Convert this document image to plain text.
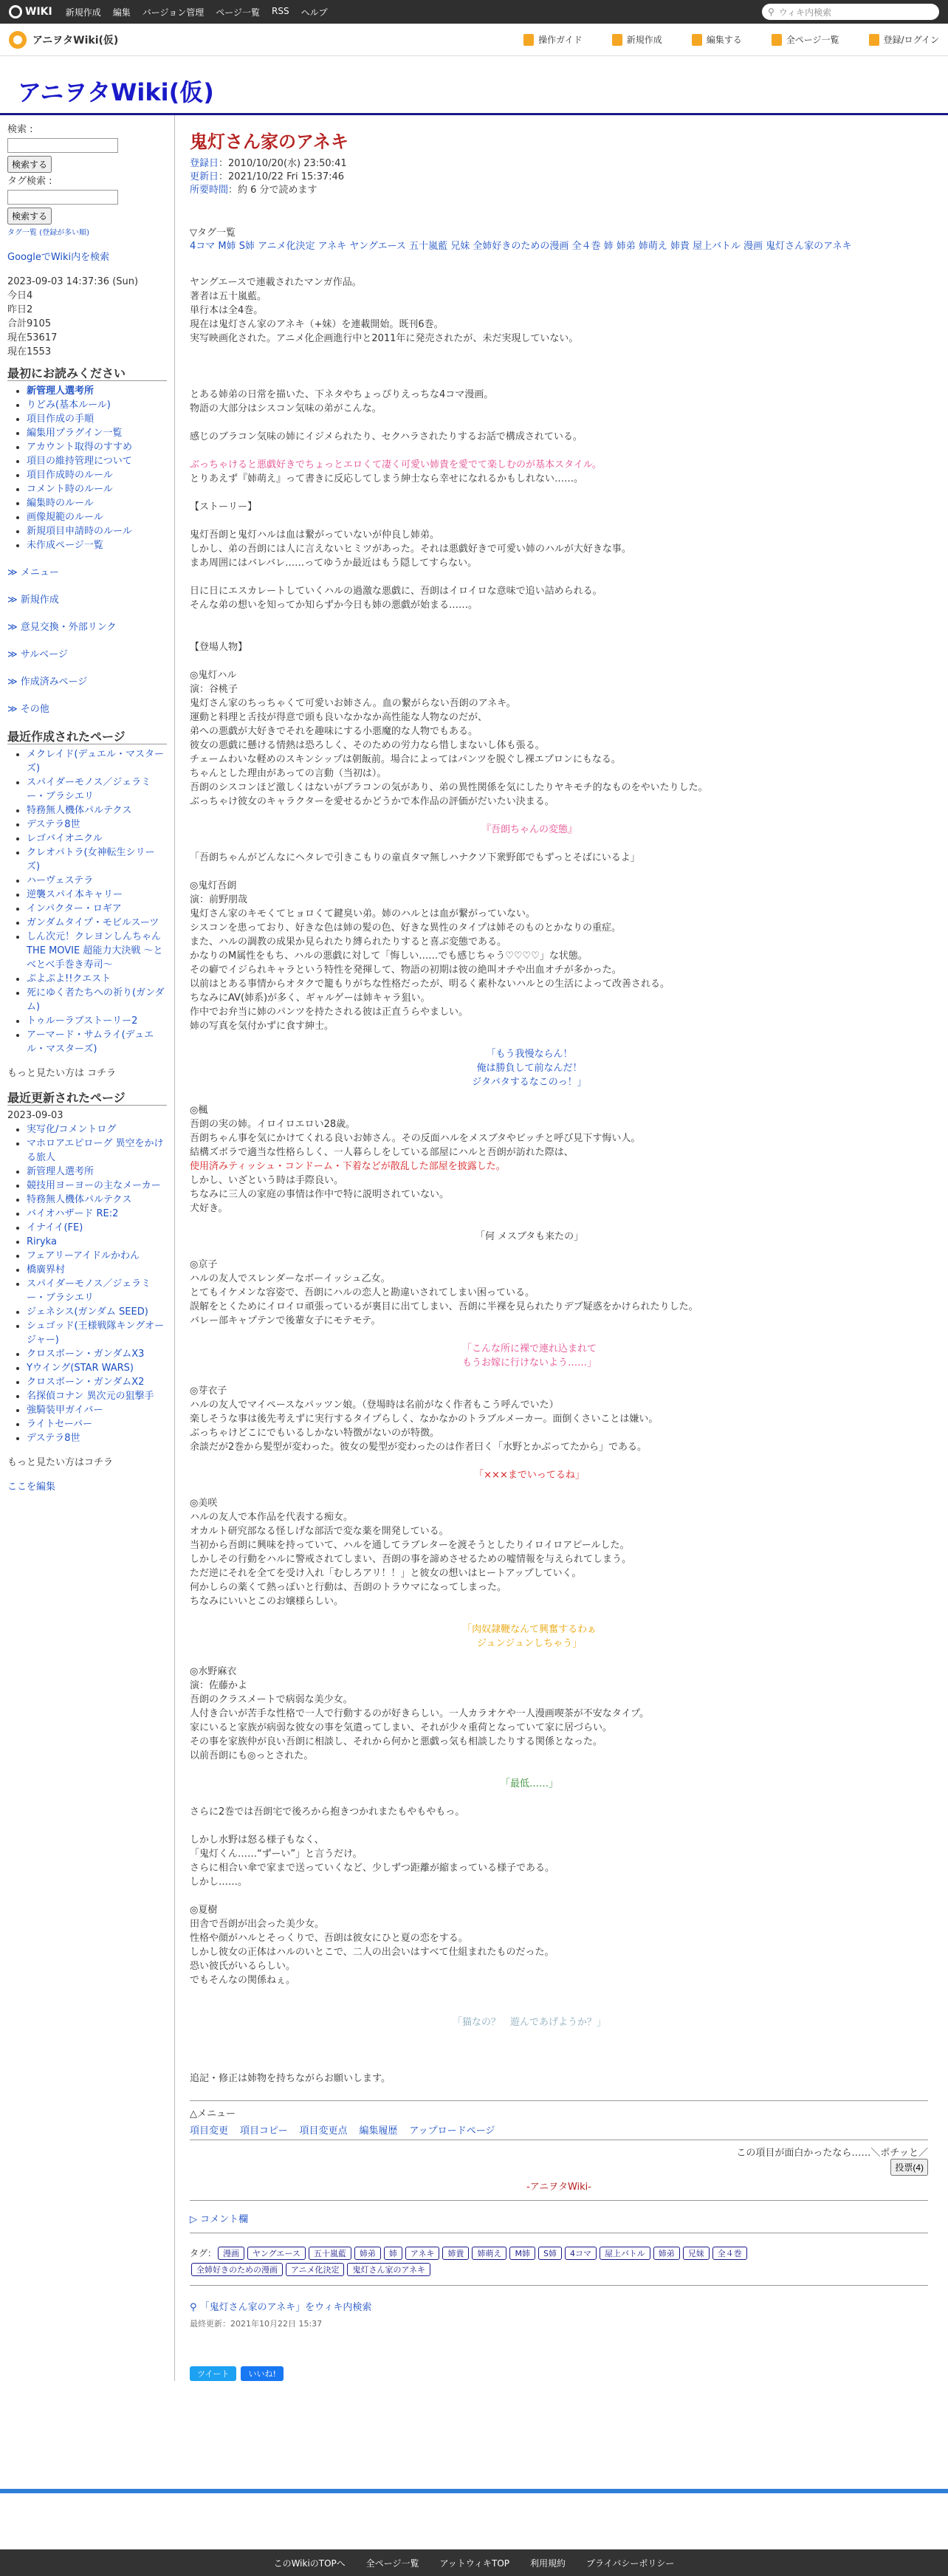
WIKI 新規作成 編集 バージョン管理 ページ一覧 RSS ヘルプ	⚲ ウィキ内検索
アニヲタWiki(仮)	操作ガイド	新規作成	編集する	全ページ一覧	登録/ログイン
アニヲタWiki(仮)
検索 :
検索する
タグ検索 :
検索する
タグ一覧 (登録が多い順)
GoogleでWiki内を検索
2023-09-03 14:37:36 (Sun)
今日4
昨日2
合計9105
現在53617
現在1553
最初にお読みください
• 新管理人選考所
• りどみ(基本ルール)
• 項目作成の手順
• 編集用プラグイン一覧
• アカウント取得のすすめ
• 項目の維持管理について
• 項目作成時のルール
• コメント時のルール
• 編集時のルール
• 画像規範のルール
• 新規項目申請時のルール
• 未作成ページ一覧
≫ メニュー
≫ 新規作成
≫ 意見交換・外部リンク
≫ サルベージ
≫ 作成済みページ
≫ その他
最近作成されたページ
• メクレイド(デュエル・マスターズ)
• スパイダーモノス／ジェラミー・ブラシエリ
• 特務無人機体パルテクス
• デステラ8世
• レゴバイオニクル
• クレオパトラ(女神転生シリーズ)
• ハーヴェステラ
• 逆襲スパイ本キャリー
• インパクター・ロギア
• ガンダムタイプ・モビルスーツ
• しん次元！クレヨンしんちゃん THE MOVIE 超能力大決戦 〜とべとべ手巻き寿司〜
• ぷよぷよ!!クエスト
• 死にゆく者たちへの祈り(ガンダム)
• トゥルーラブストーリー2
• アーマード・サムライ(デュエル・マスターズ)
もっと見たい方は コチラ
最近更新されたページ
2023-09-03
• 実写化/コメントログ
• マホロアエピローグ 異空をかける旅人
• 新管理人選考所
• 競技用ヨーヨーの主なメーカー
• 特務無人機体パルテクス
• バイオハザード RE:2
• イナイイ(FE)
• Riryka
• フェアリーアイドルかわん
• 橋廣界村
• スパイダーモノス／ジェラミー・ブラシエリ
• ジェネシス(ガンダム SEED)
• シュゴッド(王様戦隊キングオージャー)
• クロスボーン・ガンダムX3
• Yウイング(STAR WARS)
• クロスボーン・ガンダムX2
• 名探偵コナン 異次元の狙撃手
• 強騎装甲ガイバー
• ライトセーバー
• デステラ8世
もっと見たい方はコチラ
ここを編集
鬼灯さん家のアネキ
登録日：2010/10/20(水) 23:50:41
更新日：2021/10/22 Fri 15:37:46
所要時間：約 6 分で読めます
▽タグ一覧
4コマ M姉 S姉 アニメ化決定 アネキ ヤングエース 五十嵐藍 兄妹 全姉好きのための漫画 全４巻 姉 姉弟 姉萌え 姉貴 屋上バトル 漫画 鬼灯さん家のアネキ

ヤングエースで連載されたマンガ作品。

著者は五十嵐藍。

単行本は全4巻。

現在は鬼灯さん家のアネキ（+妹）を連載開始。既刊6巻。

実写映画化された。アニメ化企画進行中と2011年に発売されたが、未だ実現していない。

とある姉弟の日常を描いた、下ネタやちょっぴりえっちな4コマ漫画。

物語の大部分はシスコン気味の弟がこんな。

感じのブラコン気味の姉にイジメられたり、セクハラされたりするお話で構成されている。

ぶっちゃけると悪戯好きでちょっとエロくて凄く可愛い姉貴を愛でて楽しむのが基本スタイル。

とりあえず『姉萌え』って書きに反応してしまう紳士なら幸せになれるかもしれない……。

【ストーリー】

鬼灯吾朗と鬼灯ハルは血は繋がっていないが仲良し姉弟。

しかし、弟の吾朗には人に言えないヒミツがあった。それは悪戯好きで可愛い姉のハルが大好きな事。

まあ周囲にはバレバレ……ってゆうか最近はもう隠してすらない。

日に日にエスカレートしていくハルの過激な悪戯に、吾朗はイロイロな意味で追い詰められる。

そんな弟の想いを知ってか知らずか今日も姉の悪戯が始まる……。

【登場人物】

◎鬼灯ハル

演：谷桃子

鬼灯さん家のちっちゃくて可愛いお姉さん。血の繋がらない吾朗のアネキ。

運動と料理と舌技が得意で頭も良いなかなか高性能な人物なのだが、

弟への悪戯が大好きでそれを趣味にする小悪魔的な人物でもある。

彼女の悪戯に懸ける情熱は恐ろしく、そのための労力なら惜しまないし体も張る。

チェームわいな軽めのスキンシップは朝飯前。場合によってはパンツを脱ぐし裸エプロンにもなる。

ちゃんとした理由があっての言動（当初は）。

吾朗のシスコンほど激しくはないがブラコンの気があり、弟の異性関係を気にしたりヤキモチ的なものをやいたりした。

ぶっちゃけ彼女のキャラクターを愛せるかどうかで本作品の評価がだいたい決まる。

『吾朗ちゃんの変態』

「吾朗ちゃんがどんなにヘタレで引きこもりの童貞タマ無しハナクソ下衆野郎でもずっとそばにいるよ」

◎鬼灯吾朗

演：前野朋哉

鬼灯さん家のキモくてヒョロくて鍵臭い弟。姉のハルとは血が繋がっていない。

シスコンを患っており、好きな色は姉の髪の色、好きな異性のタイプは姉そのものとかなりの重症。

また、ハルの調教の成果か見られたり縛られたりすると喜ぶ変態である。

かなりのM属性をもち、ハルの悪戯に対して「悔しい……でも感じちゃう♡♡♡♡」な状態。

その癖でイジられキャラという特性を発揮して、物語の初期は彼の絶叫オチや出血オチが多かった。

以前はとある事情からオタクで籠もりがちな性格だったが、明るく素朴ないハルとの生活によって改善される。

ちなみにAV(姉系)が多く、ギャルゲーは姉キャラ狙い。

作中でお弁当に姉のパンツを持たされる彼は正直うらやましい。

姉の写真を気付かずに食す紳士。

「もう我慢ならん！

俺は勝負して前なんだ！

ジタバタするなこのっ！」

◎楓

吾朗の実の姉。イロイロエロい28歳。

吾朗ちゃん事を気にかけてくれる良いお姉さん。その反面ハルをメスブタやビッチと呼び見下す悔い人。

結構ズボラで適当な性格らしく、一人暮らしをしている部屋にハルと吾朗が訪れた際は、

使用済みティッシュ・コンドーム・下着などが散乱した部屋を披露した。

しかし、いざという時は手際良い。

ちなみに三人の家庭の事情は作中で特に説明されていない。

犬好き。

「何 メスブタも来たの」

◎京子

ハルの友人でスレンダーなボーイッシュ乙女。

とてもイケメンな容姿で、吾朗にハルの恋人と勘違いされてしまい困っている。

誤解をとくためにイロイロ頑張っているが裏目に出てしまい、吾朗に半裸を見られたりデブ疑惑をかけられたりした。

バレー部キャプテンで後輩女子にモテモテ。

「こんな所に裸で連れ込まれて

もうお嫁に行けないよう……」

◎芽衣子

ハルの友人でマイペースなパッツン娘。（登場時は名前がなく作者もこう呼んでいた）

楽しそうな事は後先考えずに実行するタイプらしく、なかなかのトラブルメーカー。面倒くさいことは嫌い。

ぶっちゃけどこにでもいるしかない特徴がないのが特徴。

余談だが2巻から髪型が変わった。彼女の髪型が変わったのは作者曰く「水野とかぶってたから」である。

「×××までいってるね」

◎美咲

ハルの友人で本作品を代表する痴女。

オカルト研究部なる怪しげな部活で変な薬を開発している。

当初から吾朗に興味を持っていて、ハルを通してラブレターを渡そうとしたりイロイロアピールした。

しかしその行動をハルに警戒されてしまい、吾朗の事を諦めさせるための嘘情報を与えられてしまう。

ただ逆にそれを全てを受け入れ「むしろアリ！！」と彼女の想いはヒートアップしていく。

何かしらの薬くて熱っぽいと行動は、吾朗のトラウマになってしまった。

ちなみにいいとこのお嬢様らしい。

「肉奴隷鞭なんて興奮するわぁ

ジュンジュンしちゃう」

◎水野麻衣

演：佐藤かよ

吾朗のクラスメートで病弱な美少女。

人付き合いが苦手な性格で一人で行動するのが好きらしい。一人カラオケや一人漫画喫茶が不安なタイプ。

家にいると家族が病弱な彼女の事を気遣ってしまい、それが少々重荷となっていて家に居づらい。

その事を家族仲が良い吾朗に相談し、それから何かと悪戯っ気も相談したりする関係となった。

以前吾朗にも◎っとされた。

「最低……」

さらに2巻では吾朗宅で後ろから抱きつかれまたもやもやもっ。

しかし水野は怒る様子もなく、

「鬼灯くん……“ずーい”」と言うだけ。

さらに相合い傘で家まで送っていくなど、少しずつ距離が縮まっている様子である。

しかし……。

◎夏樹

田舎で吾朗が出会った美少女。

性格や顔がハルとそっくりで、吾朗は彼女にひと夏の恋をする。

しかし彼女の正体はハルのいとこで、二人の出会いはすべて仕組まれたものだった。

恐い彼氏がいるらしい。

でもそんなの関係ねぇ。

「猫なの？　遊んであげようか？」

追記・修正は姉物を持ちながらお願いします。

△メニュー
項目変更 項目コピー 項目変更点 編集履歴 アップロードページ
この項目が面白かったなら……＼ポチッと／
投票(4)
-アニヲタWiki-
▷ コメント欄
タグ： 漫画 ヤングエース 五十嵐藍 姉弟 姉 アネキ 姉貴 姉萌え M姉 S姉 4コマ 屋上バトル 姉弟 兄妹 全４巻全姉好きのための漫画 アニメ化決定 鬼灯さん家のアネキ
⚲ 「鬼灯さん家のアネキ」をウィキ内検索
最終更新：2021年10月22日 15:37
ツイート	いいね!
このWikiのTOPへ 全ページ一覧 アットウィキTOP 利用規約 プライバシーポリシー
